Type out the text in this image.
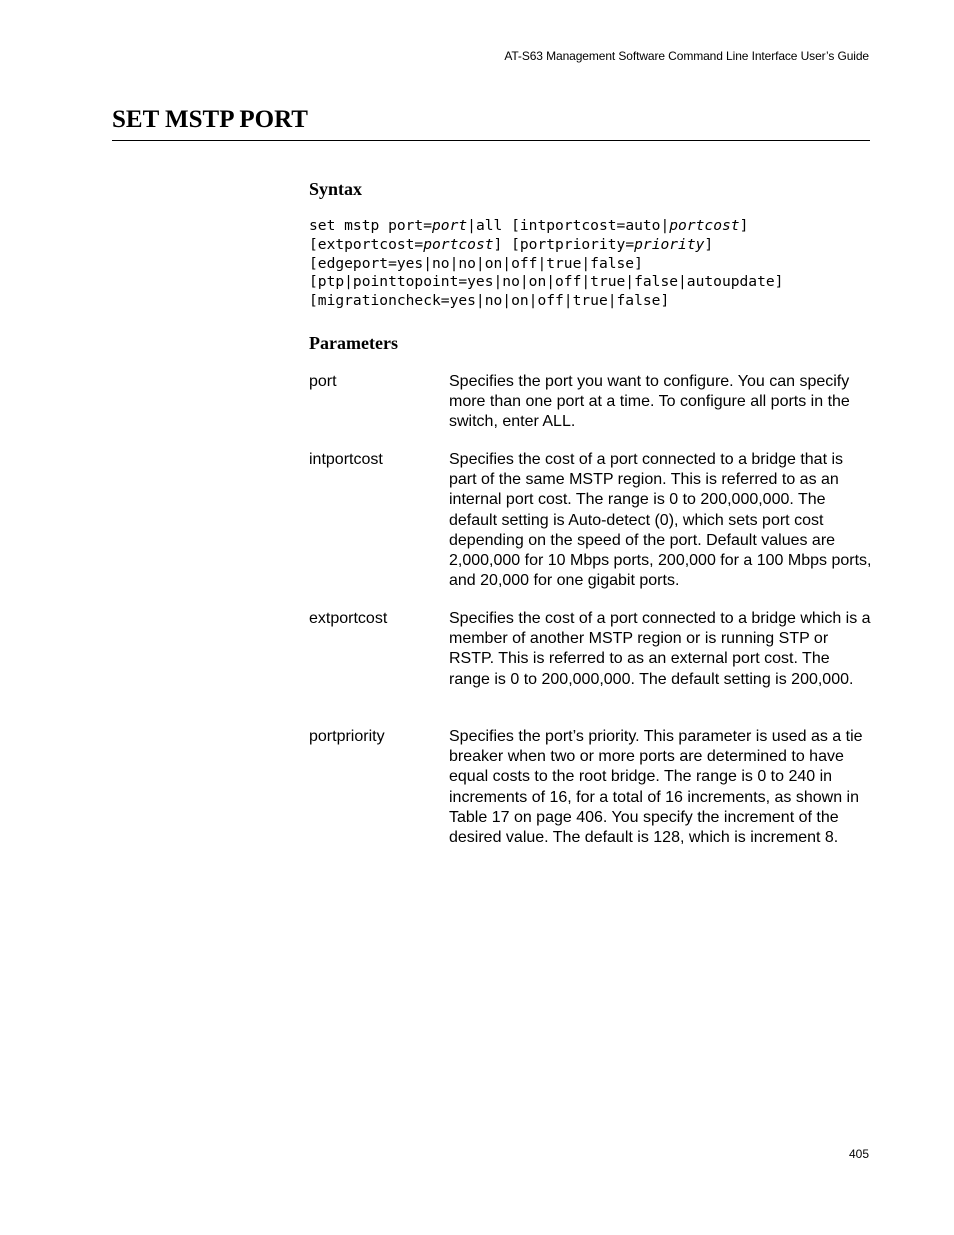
AT-S63 Management Software Command Line Interface User’s Guide
SET MSTP PORT
Syntax
set mstp port=port|all [intportcost=auto|portcost]
[extportcost=portcost] [portpriority=priority]
[edgeport=yes|no|no|on|off|true|false]
[ptp|pointtopoint=yes|no|on|off|true|false|autoupdate]
[migrationcheck=yes|no|on|off|true|false]
Parameters
port	Specifies the port you want to configure. You can specify more than one port at a time. To configure all ports in the switch, enter ALL.
intportcost	Specifies the cost of a port connected to a bridge that is part of the same MSTP region. This is referred to as an internal port cost. The range is 0 to 200,000,000. The default setting is Auto-detect (0), which sets port cost depending on the speed of the port. Default values are 2,000,000 for 10 Mbps ports, 200,000 for a 100 Mbps ports, and 20,000 for one gigabit ports.
extportcost	Specifies the cost of a port connected to a bridge which is a member of another MSTP region or is running STP or RSTP. This is referred to as an external port cost. The range is 0 to 200,000,000. The default setting is 200,000.
portpriority	Specifies the port’s priority. This parameter is used as a tie breaker when two or more ports are determined to have equal costs to the root bridge. The range is 0 to 240 in increments of 16, for a total of 16 increments, as shown in Table 17 on page 406. You specify the increment of the desired value. The default is 128, which is increment 8.
405
